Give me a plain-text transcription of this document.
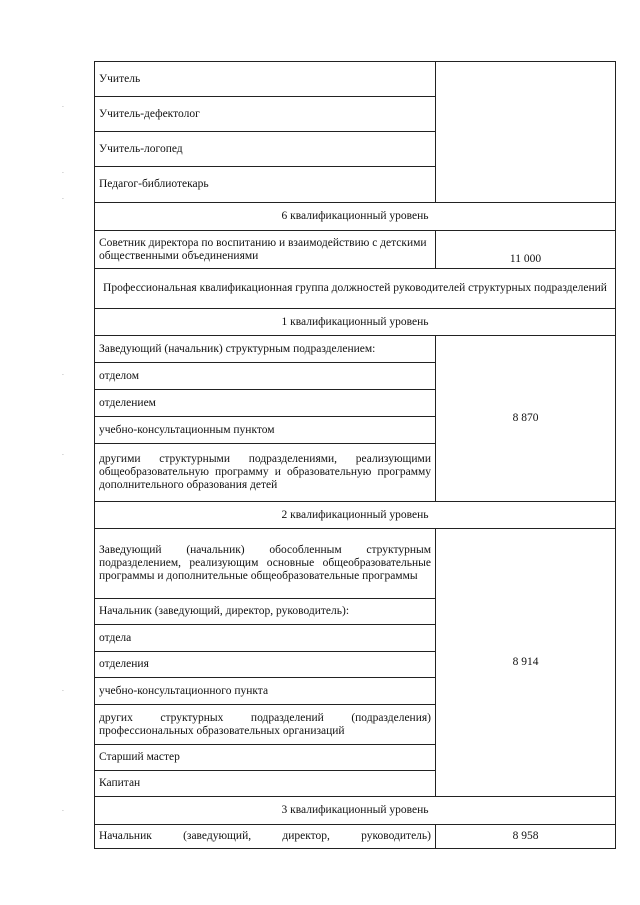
·
·
·
·
·
·
·
Учитель	
Учитель-дефектолог	
Учитель-логопед	
Педагог-библиотекарь	
6 квалификационный уровень	
Советник директора по воспитанию и взаимодействию с детскими общественными объединениями	11 000
Профессиональная квалификационная группа должностей руководителей структурных подразделений	
1 квалификационный уровень	
Заведующий (начальник) структурным подразделением:	8 870
отделом	
отделением	
учебно-консультационным пунктом	
другими структурными подразделениями, реализующими общеобразовательную программу и образовательную программу дополнительного образования детей	
2 квалификационный уровень	
Заведующий (начальник) обособленным структурным подразделением, реализующим основные общеобразовательные программы и дополнительные общеобразовательные программы	8 914
Начальник (заведующий, директор, руководитель):	
отдела	
отделения	
учебно-консультационного пункта	
других структурных подразделений (подразделения) профессиональных образовательных организаций	
Старший мастер	
Капитан	
3 квалификационный уровень	
Начальник (заведующий, директор, руководитель)	8 958
